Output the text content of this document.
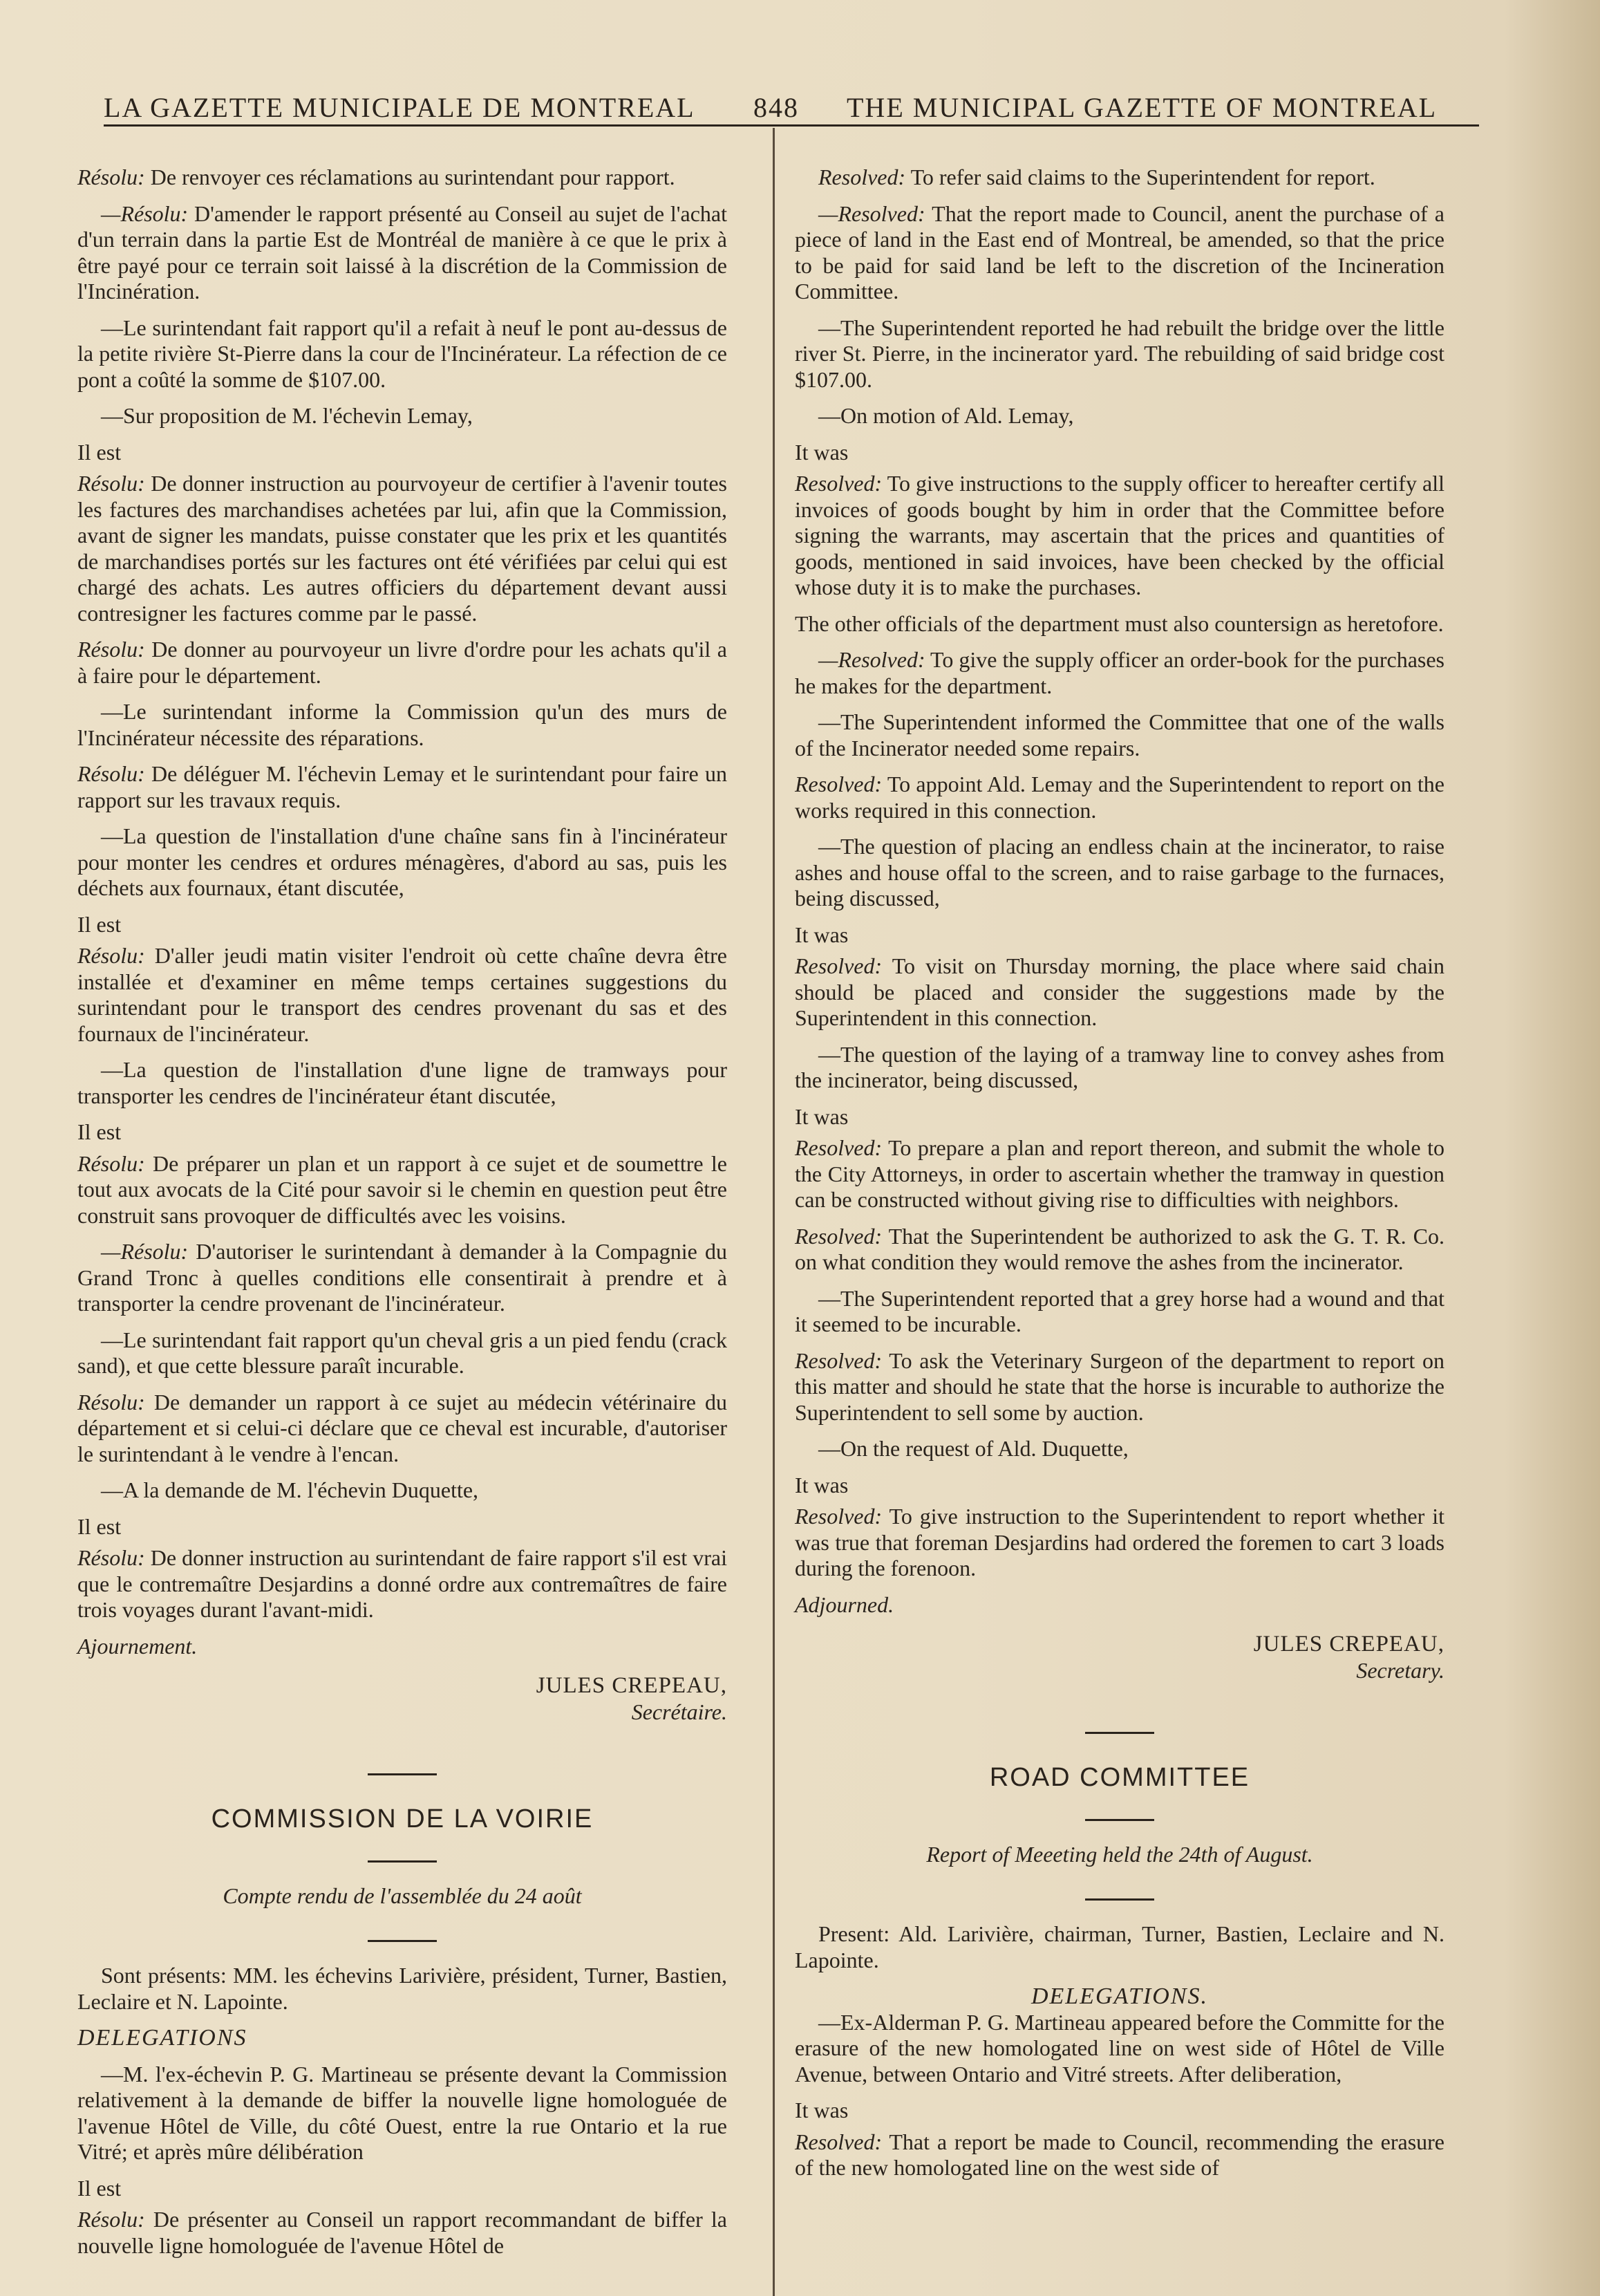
LA GAZETTE MUNICIPALE DE MONTREAL 848 THE MUNICIPAL GAZETTE OF MONTREAL

Résolu: De renvoyer ces réclamations au surintendant pour rapport.

—Résolu: D'amender le rapport présenté au Conseil au sujet de l'achat d'un terrain dans la partie Est de Montréal de manière à ce que le prix à être payé pour ce terrain soit laissé à la discrétion de la Commission de l'Incinération.

—Le surintendant fait rapport qu'il a refait à neuf le pont au-dessus de la petite rivière St-Pierre dans la cour de l'Incinérateur. La réfection de ce pont a coûté la somme de $107.00.

—Sur proposition de M. l'échevin Lemay,

Il est

Résolu: De donner instruction au pourvoyeur de certifier à l'avenir toutes les factures des marchandises achetées par lui, afin que la Commission, avant de signer les mandats, puisse constater que les prix et les quantités de marchandises portés sur les factures ont été vérifiées par celui qui est chargé des achats. Les autres officiers du département devant aussi contresigner les factures comme par le passé.

Résolu: De donner au pourvoyeur un livre d'ordre pour les achats qu'il a à faire pour le département.

—Le surintendant informe la Commission qu'un des murs de l'Incinérateur nécessite des réparations.

Résolu: De déléguer M. l'échevin Lemay et le surintendant pour faire un rapport sur les travaux requis.

—La question de l'installation d'une chaîne sans fin à l'incinérateur pour monter les cendres et ordures ménagères, d'abord au sas, puis les déchets aux fournaux, étant discutée,

Il est

Résolu: D'aller jeudi matin visiter l'endroit où cette chaîne devra être installée et d'examiner en même temps certaines suggestions du surintendant pour le transport des cendres provenant du sas et des fournaux de l'incinérateur.

—La question de l'installation d'une ligne de tramways pour transporter les cendres de l'incinérateur étant discutée,

Il est

Résolu: De préparer un plan et un rapport à ce sujet et de soumettre le tout aux avocats de la Cité pour savoir si le chemin en question peut être construit sans provoquer de difficultés avec les voisins.

—Résolu: D'autoriser le surintendant à demander à la Compagnie du Grand Tronc à quelles conditions elle consentirait à prendre et à transporter la cendre provenant de l'incinérateur.

—Le surintendant fait rapport qu'un cheval gris a un pied fendu (crack sand), et que cette blessure paraît incurable.

Résolu: De demander un rapport à ce sujet au médecin vétérinaire du département et si celui-ci déclare que ce cheval est incurable, d'autoriser le surintendant à le vendre à l'encan.

—A la demande de M. l'échevin Duquette,

Il est

Résolu: De donner instruction au surintendant de faire rapport s'il est vrai que le contremaître Desjardins a donné ordre aux contremaîtres de faire trois voyages durant l'avant-midi.

Ajournement.

JULES CREPEAU,

Secrétaire.

COMMISSION DE LA VOIRIE

Compte rendu de l'assemblée du 24 août

Sont présents: MM. les échevins Larivière, président, Turner, Bastien, Leclaire et N. Lapointe.

DELEGATIONS

—M. l'ex-échevin P. G. Martineau se présente devant la Commission relativement à la demande de biffer la nouvelle ligne homologuée de l'avenue Hôtel de Ville, du côté Ouest, entre la rue Ontario et la rue Vitré; et après mûre délibération

Il est

Résolu: De présenter au Conseil un rapport recommandant de biffer la nouvelle ligne homologuée de l'avenue Hôtel de

Resolved: To refer said claims to the Superintendent for report.

—Resolved: That the report made to Council, anent the purchase of a piece of land in the East end of Montreal, be amended, so that the price to be paid for said land be left to the discretion of the Incineration Committee.

—The Superintendent reported he had rebuilt the bridge over the little river St. Pierre, in the incinerator yard. The rebuilding of said bridge cost $107.00.

—On motion of Ald. Lemay,

It was

Resolved: To give instructions to the supply officer to hereafter certify all invoices of goods bought by him in order that the Committee before signing the warrants, may ascertain that the prices and quantities of goods, mentioned in said invoices, have been checked by the official whose duty it is to make the purchases.

The other officials of the department must also countersign as heretofore.

—Resolved: To give the supply officer an order-book for the purchases he makes for the department.

—The Superintendent informed the Committee that one of the walls of the Incinerator needed some repairs.

Resolved: To appoint Ald. Lemay and the Superintendent to report on the works required in this connection.

—The question of placing an endless chain at the incinerator, to raise ashes and house offal to the screen, and to raise garbage to the furnaces, being discussed,

It was

Resolved: To visit on Thursday morning, the place where said chain should be placed and consider the suggestions made by the Superintendent in this connection.

—The question of the laying of a tramway line to convey ashes from the incinerator, being discussed,

It was

Resolved: To prepare a plan and report thereon, and submit the whole to the City Attorneys, in order to ascertain whether the tramway in question can be constructed without giving rise to difficulties with neighbors.

Resolved: That the Superintendent be authorized to ask the G. T. R. Co. on what condition they would remove the ashes from the incinerator.

—The Superintendent reported that a grey horse had a wound and that it seemed to be incurable.

Resolved: To ask the Veterinary Surgeon of the department to report on this matter and should he state that the horse is incurable to authorize the Superintendent to sell some by auction.

—On the request of Ald. Duquette,

It was

Resolved: To give instruction to the Superintendent to report whether it was true that foreman Desjardins had ordered the foremen to cart 3 loads during the forenoon.

Adjourned.

JULES CREPEAU,

Secretary.

ROAD COMMITTEE

Report of Meeeting held the 24th of August.

Present: Ald. Larivière, chairman, Turner, Bastien, Leclaire and N. Lapointe.

DELEGATIONS.

—Ex-Alderman P. G. Martineau appeared before the Committe for the erasure of the new homologated line on west side of Hôtel de Ville Avenue, between Ontario and Vitré streets. After deliberation,

It was

Resolved: That a report be made to Council, recommending the erasure of the new homologated line on the west side of
